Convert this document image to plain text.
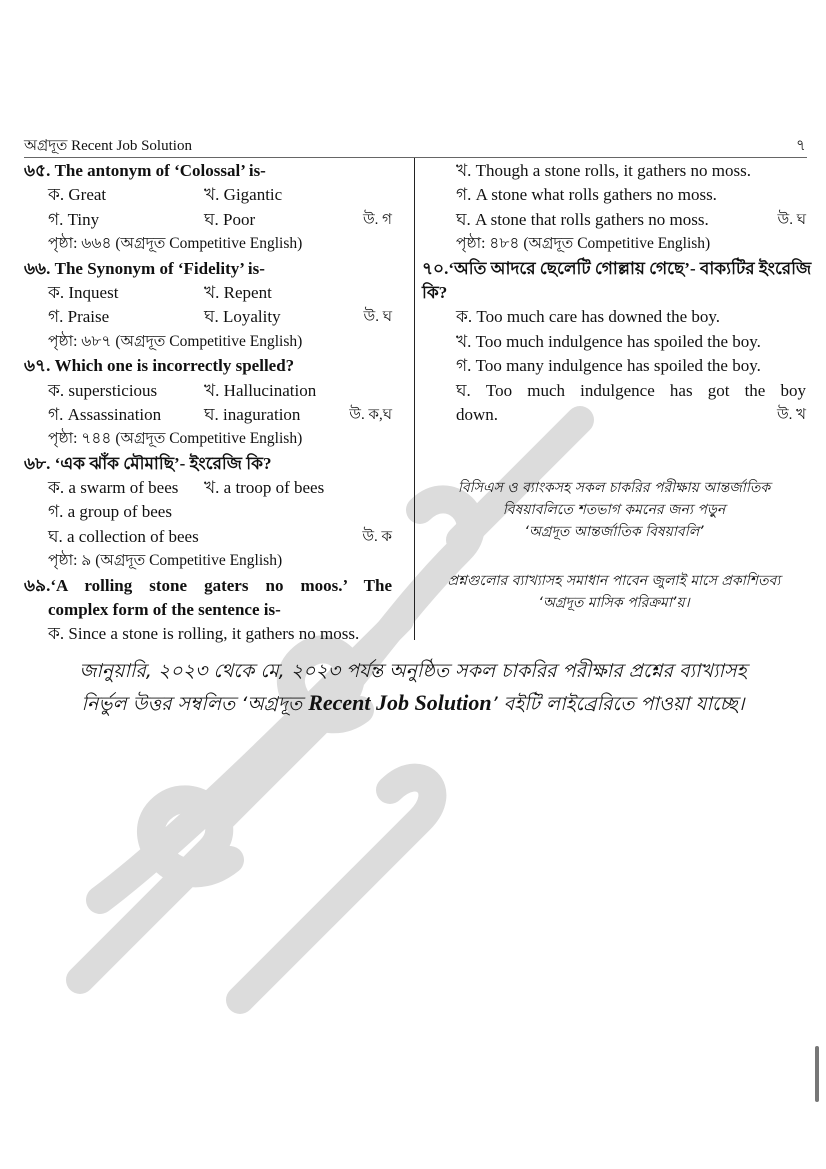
অগ্রদূত Recent Job Solution	৭
৬৫. The antonym of ‘Colossal’ is-
ক. Great	খ. Gigantic
গ. Tiny	ঘ. Poor	উ. গ
পৃষ্ঠা: ৬৬৪ (অগ্রদূত Competitive English)
৬৬. The Synonym of ‘Fidelity’ is-
ক. Inquest	খ. Repent
গ. Praise	ঘ. Loyality	উ. ঘ
পৃষ্ঠা: ৬৮৭ (অগ্রদূত Competitive English)
৬৭. Which one is incorrectly spelled?
ক. supersticious	খ. Hallucination
গ. Assassination	ঘ. inaguration	উ. ক,ঘ
পৃষ্ঠা: ৭৪৪ (অগ্রদূত Competitive English)
৬৮. ‘এক ঝাঁক মৌমাছি’- ইংরেজি কি?
ক. a swarm of bees খ. a troop of bees
গ. a group of bees
ঘ. a collection of bees	উ. ক
পৃষ্ঠা: ৯ (অগ্রদূত Competitive English)
৬৯.‘A rolling stone gaters no moos.’ The
complex form of the sentence is-
ক. Since a stone is rolling, it gathers no moss.
খ. Though a stone rolls, it gathers no moss.
গ. A stone what rolls gathers no moss.
ঘ. A stone that rolls gathers no moss.	উ. ঘ
পৃষ্ঠা: ৪৮৪ (অগ্রদূত Competitive English)
৭০.‘অতি আদরে ছেলেটি গোল্লায় গেছে’- বাক্যটির ইংরেজি
কি?
ক. Too much care has downed the boy.
খ. Too much indulgence has spoiled the boy.
গ. Too many indulgence has spoiled the boy.
ঘ. Too much indulgence has got the boy
down.	উ. খ
বিসিএস ও ব্যাংকসহ সকল চাকরির পরীক্ষায় আন্তর্জাতিক
বিষয়াবলিতে শতভাগ কমনের জন্য পড়ুন
‘অগ্রদূত আন্তর্জাতিক বিষয়াবলি’
প্রশ্নগুলোর ব্যাখ্যাসহ সমাধান পাবেন জুলাই মাসে প্রকাশিতব্য
‘অগ্রদূত মাসিক পরিক্রমা’য়।
জানুয়ারি, ২০২৩ থেকে মে, ২০২৩ পর্যন্ত অনুষ্ঠিত সকল চাকরির পরীক্ষার প্রশ্নের ব্যাখ্যাসহ
নির্ভুল উত্তর সম্বলিত ‘অগ্রদূত Recent Job Solution’ বইটি লাইব্রেরিতে পাওয়া যাচ্ছে।
